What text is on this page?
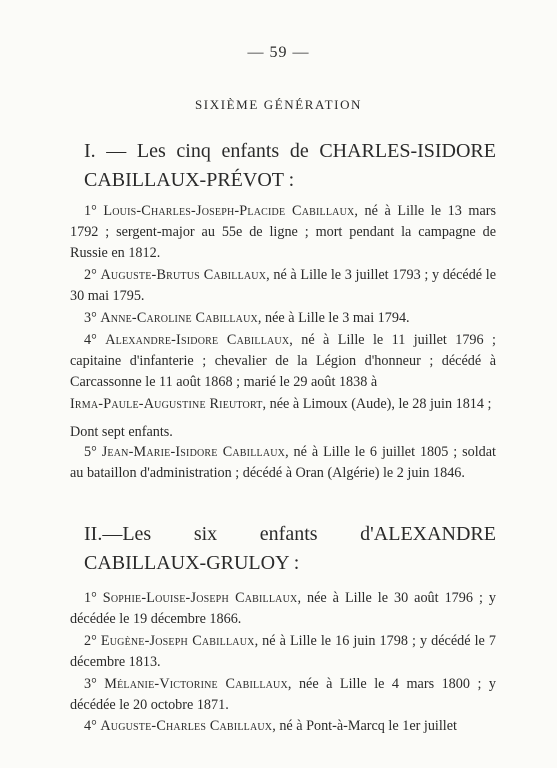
— 59 —
SIXIÈME GÉNÉRATION
I. — Les cinq enfants de CHARLES-ISIDORE CABILLAUX-PRÉVOT :

1° Louis-Charles-Joseph-Placide Cabillaux, né à Lille le 13 mars 1792 ; sergent-major au 55e de ligne ; mort pendant la campagne de Russie en 1812.

2° Auguste-Brutus Cabillaux, né à Lille le 3 juillet 1793 ; y décédé le 30 mai 1795.

3° Anne-Caroline Cabillaux, née à Lille le 3 mai 1794.

4° Alexandre-Isidore Cabillaux, né à Lille le 11 juillet 1796 ; capitaine d'infanterie ; chevalier de la Légion d'honneur ; décédé à Carcassonne le 11 août 1868 ; marié le 29 août 1838 à

Irma-Paule-Augustine Rieutort, née à Limoux (Aude), le 28 juin 1814 ;

Dont sept enfants.

5° Jean-Marie-Isidore Cabillaux, né à Lille le 6 juillet 1805 ; soldat au bataillon d'administration ; décédé à Oran (Algérie) le 2 juin 1846.

II.—Les six enfants d'ALEXANDRE CABILLAUX-GRULOY :

1° Sophie-Louise-Joseph Cabillaux, née à Lille le 30 août 1796 ; y décédée le 19 décembre 1866.

2° Eugène-Joseph Cabillaux, né à Lille le 16 juin 1798 ; y décédé le 7 décembre 1813.

3° Mélanie-Victorine Cabillaux, née à Lille le 4 mars 1800 ; y décédée le 20 octobre 1871.

4° Auguste-Charles Cabillaux, né à Pont-à-Marcq le 1er juillet
